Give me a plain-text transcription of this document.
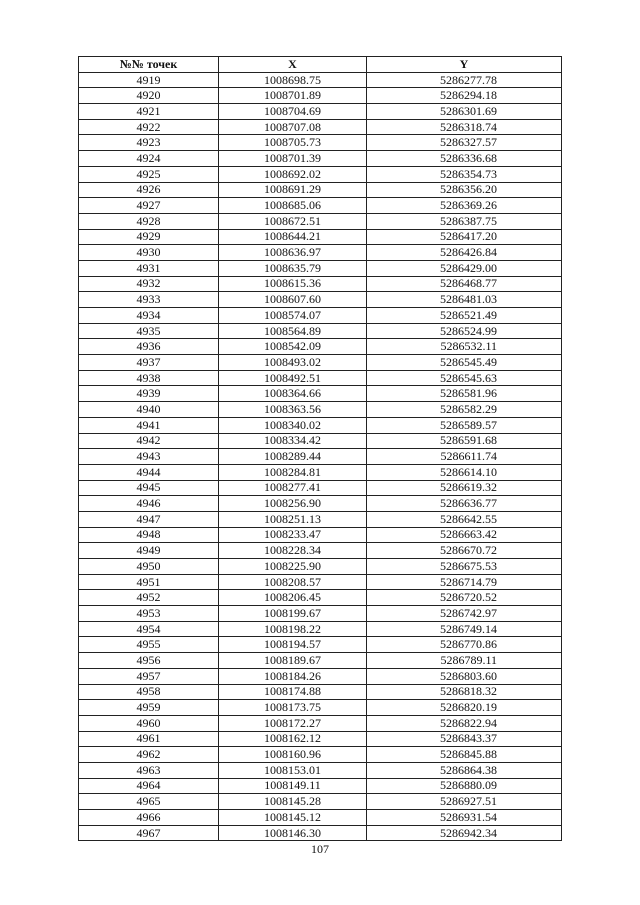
№№ точек	X	Y
4919	1008698.75	5286277.78
4920	1008701.89	5286294.18
4921	1008704.69	5286301.69
4922	1008707.08	5286318.74
4923	1008705.73	5286327.57
4924	1008701.39	5286336.68
4925	1008692.02	5286354.73
4926	1008691.29	5286356.20
4927	1008685.06	5286369.26
4928	1008672.51	5286387.75
4929	1008644.21	5286417.20
4930	1008636.97	5286426.84
4931	1008635.79	5286429.00
4932	1008615.36	5286468.77
4933	1008607.60	5286481.03
4934	1008574.07	5286521.49
4935	1008564.89	5286524.99
4936	1008542.09	5286532.11
4937	1008493.02	5286545.49
4938	1008492.51	5286545.63
4939	1008364.66	5286581.96
4940	1008363.56	5286582.29
4941	1008340.02	5286589.57
4942	1008334.42	5286591.68
4943	1008289.44	5286611.74
4944	1008284.81	5286614.10
4945	1008277.41	5286619.32
4946	1008256.90	5286636.77
4947	1008251.13	5286642.55
4948	1008233.47	5286663.42
4949	1008228.34	5286670.72
4950	1008225.90	5286675.53
4951	1008208.57	5286714.79
4952	1008206.45	5286720.52
4953	1008199.67	5286742.97
4954	1008198.22	5286749.14
4955	1008194.57	5286770.86
4956	1008189.67	5286789.11
4957	1008184.26	5286803.60
4958	1008174.88	5286818.32
4959	1008173.75	5286820.19
4960	1008172.27	5286822.94
4961	1008162.12	5286843.37
4962	1008160.96	5286845.88
4963	1008153.01	5286864.38
4964	1008149.11	5286880.09
4965	1008145.28	5286927.51
4966	1008145.12	5286931.54
4967	1008146.30	5286942.34
107
